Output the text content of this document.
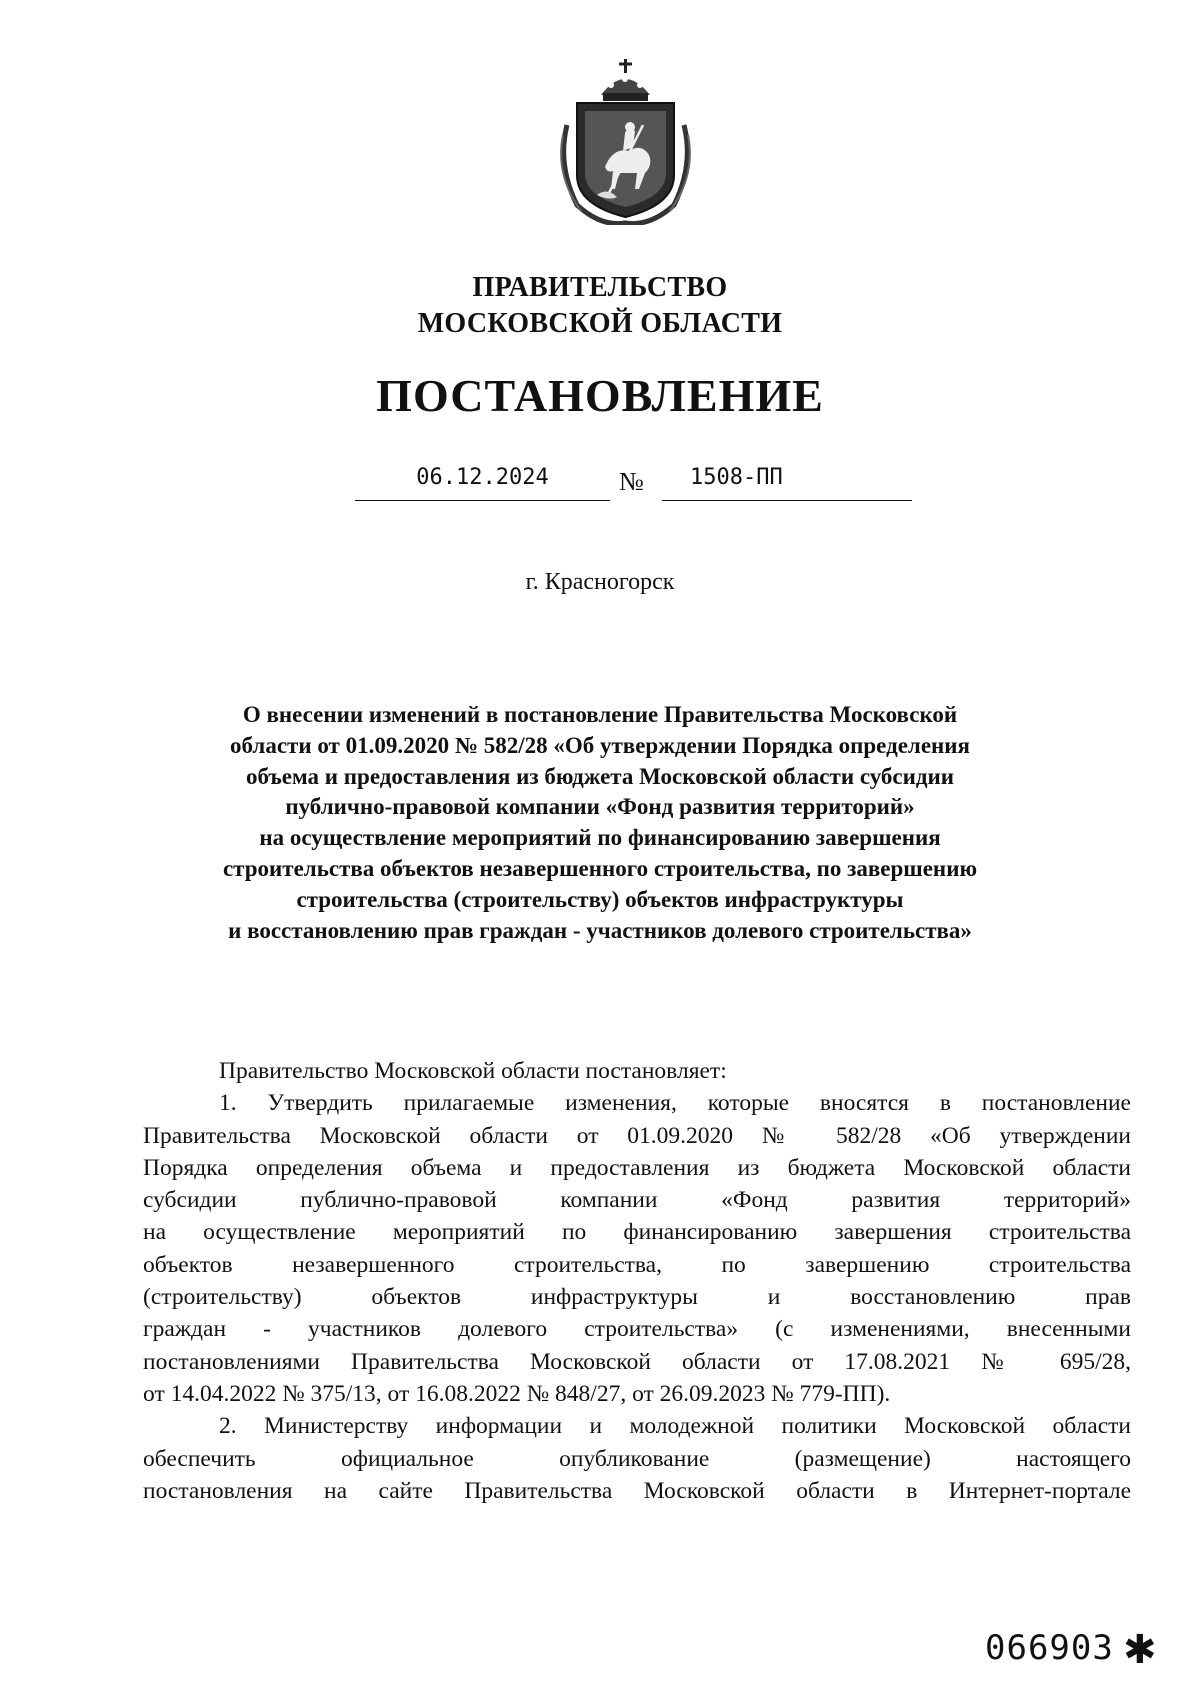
ПРАВИТЕЛЬСТВО
МОСКОВСКОЙ ОБЛАСТИ
ПОСТАНОВЛЕНИЕ
06.12.2024	№ 1508-ПП
г. Красногорск
О внесении изменений в постановление Правительства Московской
области от 01.09.2020 № 582/28 «Об утверждении Порядка определения
объема и предоставления из бюджета Московской области субсидии
публично-правовой компании «Фонд развития территорий»
на осуществление мероприятий по финансированию завершения
строительства объектов незавершенного строительства, по завершению
строительства (строительству) объектов инфраструктуры
и восстановлению прав граждан - участников долевого строительства»
Правительство Московской области постановляет:
1. Утвердить прилагаемые изменения, которые вносятся в постановление
Правительства Московской области от 01.09.2020 № 582/28 «Об утверждении
Порядка определения объема и предоставления из бюджета Московской области
субсидии публично-правовой компании «Фонд развития территорий»
на осуществление мероприятий по финансированию завершения строительства
объектов незавершенного строительства, по завершению строительства
(строительству) объектов инфраструктуры и восстановлению прав
граждан - участников долевого строительства» (с изменениями, внесенными
постановлениями Правительства Московской области от 17.08.2021 № 695/28,
от 14.04.2022 № 375/13, от 16.08.2022 № 848/27, от 26.09.2023 № 779-ПП).
2. Министерству информации и молодежной политики Московской области
обеспечить официальное опубликование (размещение) настоящего
постановления на сайте Правительства Московской области в Интернет-портале
066903 ✱
